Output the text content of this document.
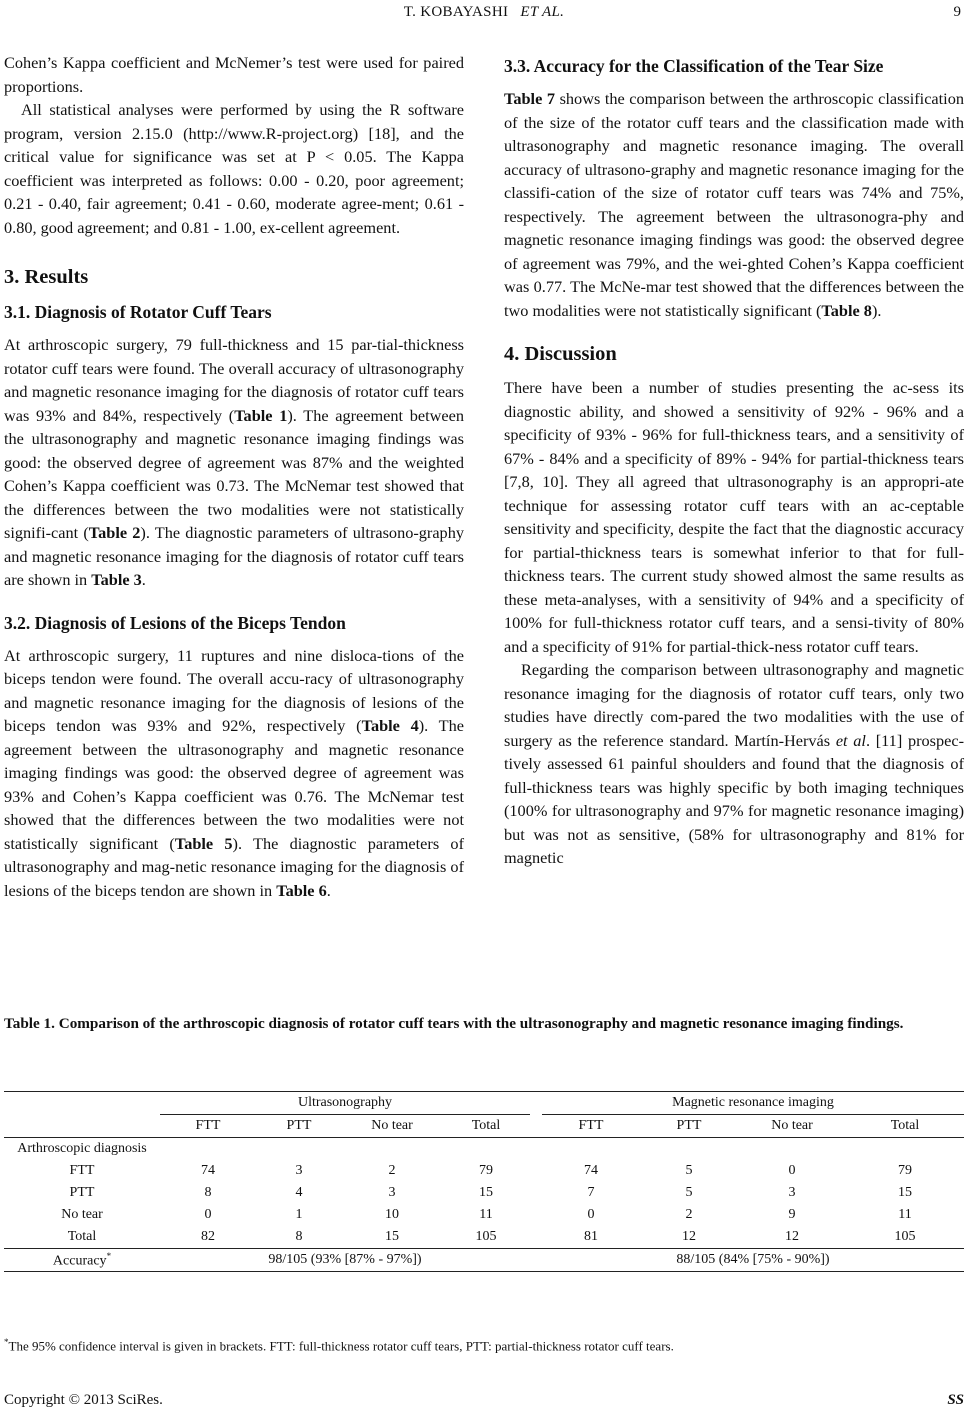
T. KOBAYASHI ET AL.	9

Cohen’s Kappa coefficient and McNemer’s test were used for paired proportions.

All statistical analyses were performed by using the R software program, version 2.15.0 (http://www.R-project.org) [18], and the critical value for significance was set at P < 0.05. The Kappa coefficient was interpreted as follows: 0.00 - 0.20, poor agreement; 0.21 - 0.40, fair agreement; 0.41 - 0.60, moderate agree-ment; 0.61 - 0.80, good agreement; and 0.81 - 1.00, ex-cellent agreement.

3. Results
3.1. Diagnosis of Rotator Cuff Tears

At arthroscopic surgery, 79 full-thickness and 15 par-tial-thickness rotator cuff tears were found. The overall accuracy of ultrasonography and magnetic resonance imaging for the diagnosis of rotator cuff tears was 93% and 84%, respectively (Table 1). The agreement between the ultrasonography and magnetic resonance imaging findings was good: the observed degree of agreement was 87% and the weighted Cohen’s Kappa coefficient was 0.73. The McNemar test showed that the differences between the two modalities were not statistically signifi-cant (Table 2). The diagnostic parameters of ultrasono-graphy and magnetic resonance imaging for the diagnosis of rotator cuff tears are shown in Table 3.

3.2. Diagnosis of Lesions of the Biceps Tendon

At arthroscopic surgery, 11 ruptures and nine disloca-tions of the biceps tendon were found. The overall accu-racy of ultrasonography and magnetic resonance imaging for the diagnosis of lesions of the biceps tendon was 93% and 92%, respectively (Table 4). The agreement between the ultrasonography and magnetic resonance imaging findings was good: the observed degree of agreement was 93% and Cohen’s Kappa coefficient was 0.76. The McNemar test showed that the differences between the two modalities were not statistically significant (Table 5). The diagnostic parameters of ultrasonography and mag-netic resonance imaging for the diagnosis of lesions of the biceps tendon are shown in Table 6.

3.3. Accuracy for the Classification of the Tear Size

Table 7 shows the comparison between the arthroscopic classification of the size of the rotator cuff tears and the classification made with ultrasonography and magnetic resonance imaging. The overall accuracy of ultrasono-graphy and magnetic resonance imaging for the classifi-cation of the size of rotator cuff tears was 74% and 75%, respectively. The agreement between the ultrasonogra-phy and magnetic resonance imaging findings was good: the observed degree of agreement was 79%, and the wei-ghted Cohen’s Kappa coefficient was 0.77. The McNe-mar test showed that the differences between the two modalities were not statistically significant (Table 8).

4. Discussion

There have been a number of studies presenting the ac-sess its diagnostic ability, and showed a sensitivity of 92% - 96% and a specificity of 93% - 96% for full-thickness tears, and a sensitivity of 67% - 84% and a specificity of 89% - 94% for partial-thickness tears [7,8, 10]. They all agreed that ultrasonography is an appropri-ate technique for assessing rotator cuff tears with an ac-ceptable sensitivity and specificity, despite the fact that the diagnostic accuracy for partial-thickness tears is somewhat inferior to that for full-thickness tears. The current study showed almost the same results as these meta-analyses, with a sensitivity of 94% and a specificity of 100% for full-thickness rotator cuff tears, and a sensi-tivity of 80% and a specificity of 91% for partial-thick-ness rotator cuff tears.

Regarding the comparison between ultrasonography and magnetic resonance imaging for the diagnosis of rotator cuff tears, only two studies have directly com-pared the two modalities with the use of surgery as the reference standard. Martín-Hervás et al. [11] prospec-tively assessed 61 painful shoulders and found that the diagnosis of full-thickness tears was highly specific by both imaging techniques (100% for ultrasonography and 97% for magnetic resonance imaging) but was not as sensitive, (58% for ultrasonography and 81% for magnetic

Table 1. Comparison of the arthroscopic diagnosis of rotator cuff tears with the ultrasonography and magnetic resonance imaging findings.
	Ultrasonography					Magnetic resonance imaging			
	FTT	PTT	No tear	Total		FTT	PTT	No tear	Total
Arthroscopic diagnosis									
FTT	74	3	2	79		74	5	0	79
PTT	8	4	3	15		7	5	3	15
No tear	0	1	10	11		0	2	9	11
Total	82	8	15	105		81	12	12	105
Accuracy*	98/105 (93% [87% - 97%])					88/105 (84% [75% - 90%])			
*The 95% confidence interval is given in brackets. FTT: full-thickness rotator cuff tears, PTT: partial-thickness rotator cuff tears.
Copyright © 2013 SciRes.	SS
